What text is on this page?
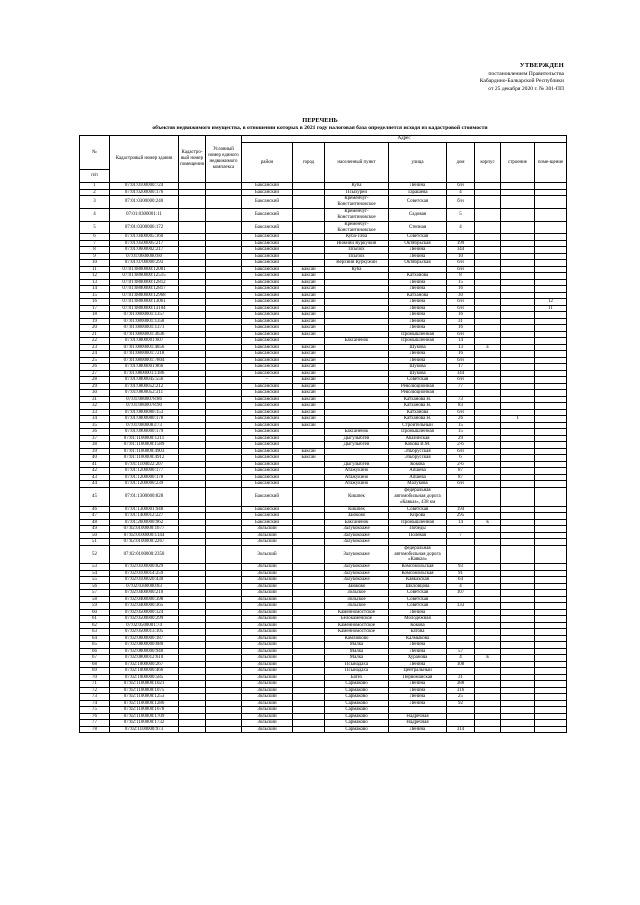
УТВЕРЖДЕН
постановлением Правительства
Кабардино-Балкарской Республики
от 25 декабря 2020 г. № 301-ПП
ПЕРЕЧЕНЬ
объектов недвижимого имущества, в отношении которых в 2021 году налоговая база определяется исходя из кадастровой стоимости
№	Кадастровый номер здания	Кадастро-вый номер помещения	Условный номер единого недвижимого комплекса	Адрес							
				район	город	населенный пункт	улица	дом	корпус	строение	поме-щение
п/п											
1	07:01:0100000:724			Баксанский		Куба	Ленина	б/н			
2	07:01:0200000:176			Баксанский		Псыхурей	Тарашева	4			
3	07:01:0300000:240			Баксанский		Кременчуг-Константиновское	Советская	б/н			
4	07:01:0300001:11			Баксанский		Кременчуг-Константиновское	Садовая	5			
5	07:01:0300006:172			Баксанский		Кременчуг-Константиновское	Степная	4			
6	07:01:0400005:160			Баксанский		Куба-Таба	Советская				
7	07:01:0500005:217			Баксанский		Нижний Куркужин	Октябрьская	199			
8	07:01:0600002:217			Баксанский		Псычох	Ленина	144			
9	07:01:0600000:60			Баксанский		Псычох	Ленина	10			
10	07:01:0700000:293			Баксанский		Верхний Куркужин	Октябрьская	б/н			
11	07:01:0800000:12001			Баксанский	Баксан	Куба		б/н			
12	07:01:0800000:12515			Баксанский	Баксан		Катханова	8			
13	07:01:0800000:12812			Баксанский	Баксан		Ленина	15			
14	07:01:0800000:12817			Баксанский	Баксан		Ленина	16			
15	07:01:0800000:12968			Баксанский	Баксан		Катханова	30			
16	07:01:0800000:13061			Баксанский	Баксан		Ленина	б/н			12
17	07:01:0800000:13104			Баксанский	Баксан		Ленина	б/н			11
18	07:01:0800001:1357			Баксанский	Баксан		Ленина	16			
19	07:01:0800001:1358			Баксанский	Баксан		Ленина	31			
20	07:01:0800001:1371			Баксанский	Баксан		Ленина	16			
21	07:01:0800001:3636			Баксанский	Баксан		Промышленная	б/н			
22	07:01:0800001:607			Баксанский		Баксаненок	Промышленная	14			
23	07:01:0800001:4856			Баксанский	Баксан		Шукова	13	а		
24	07:01:0800001:7218			Баксанский	Баксан		Ленина	16			
25	07:01:0800001:7804			Баксанский	Баксан		Ленина	б/н			
26	07:01:0800001:866			Баксанский	Баксан		Шукова	17			
27	07:01:0800001:1186			Баксанский	Баксан		Шукова	144			
28	07:01:0800045:556			–	Баксан		Советская	б/н			
29	07:01:0800052:212			Баксанский	Баксан		Революционная	77			
30	07:01:0800052:311			Баксанский	Баксан		Революционная				
31	07:01:0800078:86			Баксанский	Баксан		Катханова Н.	73			
32	07:01:0800078:90			Баксанский	Баксан		Катханова Н.	83			
33	07:01:0800080:153			Баксанский	Баксан		Катханова	б/н			
34	07:01:0800080:178			Баксанский	Баксан		Катханова Н.	26		1	
35	07:01:0800083:73			Баксанский	Баксан		Строительный	15			
36	07:01:0900000:179			Баксанский		Баксаненок	Промышленная	15			
37	07:01:1100000:1211			Баксанский		Дыгулыбгей	Абазинская	29			
38	07:01:1100000:1589			Баксанский		Дыгулыбгей	Кокова В.М.	2-б			
39	07:01:1100000:4903			Баксанский	Баксан		Эльбрусская	б/н			
40	07:01:1100000:4912			Баксанский	Баксан		Эльбрусская	6			
41	07:01:1100022:207			Баксанский		Дыгулыбгей	Кокова	2-б			
42	07:01:1200000:177			Баксанский		Атажукино	Апшева	87			
43	07:01:1200000:178			Баксанский		Атажукино	Апшева	87			
44	07:01:1200000:239			Баксанский		Атажукино	Малукова	б/н			
45	07:01:1300000:828			Баксанский		Кишпек	федеральная автомобильная дорога «Кавказ», 438 км				
46	07:01:1300001:948			Баксанский		Кишпек	Советская	194			
47	07:01:1400012:227			Баксанский		Заюково	Кирова	295			
48	07:01:2600000:962			Баксанский		Баксаненок	Промышленная	14	в		
49	07:02:0100000:1677			Зольский		Залукокоаже	Победы				
50	07:02:0100000:1144			Зольский		Залукокоаже	Полевая	7			
51	07:02:0100000:2267			Зольский		Залукокоаже					
52	07:02:0100000:2350			Зольский		Залукокоаже	федеральная автомобильная дорога «Кавказ»				
53	07:02:0100000:829			Зольский		Залукокоаже	Комсомольская	93			
54	07:02:0100014:259			Зольский		Залукокоаже	Комсомольская	91			
55	07:02:0100020:430			Зольский		Залукокоаже	Кавказская	64			
56	07:02:0300000:83			Зольский		Заюково	Шкловцова	4			
57	07:02:0400000:210			Зольский		Зольское	Советская	107			
58	07:02:0400000:398			Зольский		Зольское	Советская				
59	07:02:0400000:365			Зольский		Зольское	Советская	133			
60	07:02:0500000:124			Зольский		Каменномостское	Ленина				
61	07:02:0500000:299			Зольский		Белокаменское	Молодежная				
62	07:02:0500001:74			Зольский		Каменномостское	Кокова				
63	07:02:0500013:105			Зольский		Каменномостское	Батова				
64	07:02:0600000:187			Зольский		Камлюково	Калмыкова				
65	07:02:0800000:680			Зольский		Малка	Ленина				
66	07:02:0800000:940			Зольский		Малка	Ленина	57			
67	07:02:0800012:610			Зольский		Малка	Хуранова	4	в		
68	07:02:1000000:267			Зольский		Псынадаха	Ленина	108			
69	07:02:1000000:466			Зольский		Псынадаха	Центральный				
70	07:02:1000000:585			Зольский		Батех	Первомайская	31			
71	07:02:1100000:1021			Зольский		Сармаково	Ленина	388			
72	07:02:1100000:1075			Зольский		Сармаково	Ленина	316			
73	07:02:1100000:1253			Зольский		Сармаково	Ленина	25			
74	07:02:1100000:1286			Зольский		Сармаково	Ленина	92			
75	07:02:1100000:1678			Зольский		Сармаково					
76	07:02:1100000:1709			Зольский		Сармаково	Надречная				
77	07:02:1100000:1732			Зольский		Сармаково	Надречная				
78	07:02:1100000:973			Зольский		Сармаково	Ленина	314			
